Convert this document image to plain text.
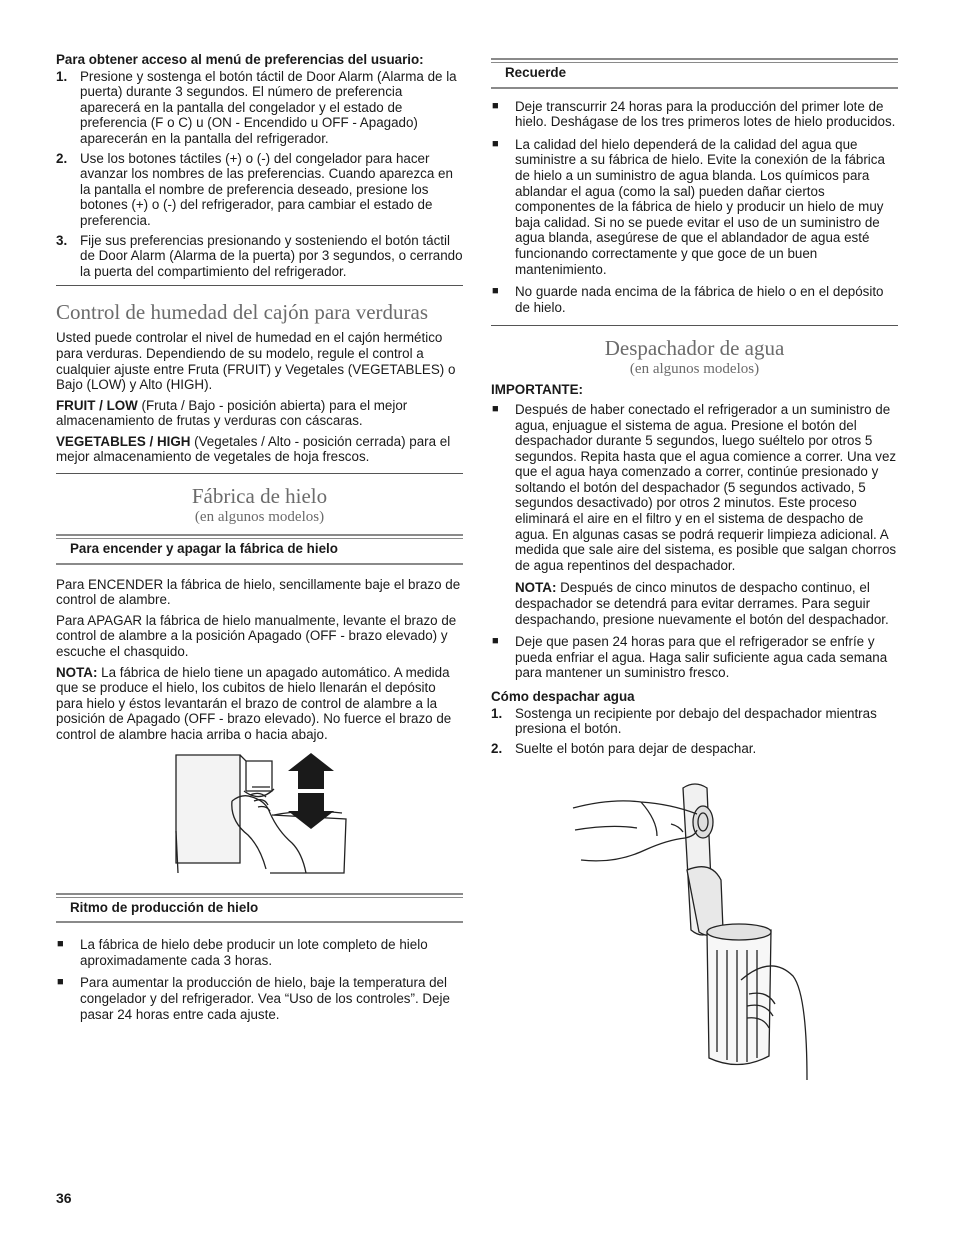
Para obtener acceso al menú de preferencias del usuario:
1. Presione y sostenga el botón táctil de Door Alarm (Alarma de la puerta) durante 3 segundos. El número de preferencia aparecerá en la pantalla del congelador y el estado de preferencia (F o C) u (ON - Encendido u OFF - Apagado) aparecerán en la pantalla del refrigerador.
2. Use los botones táctiles (+) o (-) del congelador para hacer avanzar los nombres de las preferencias. Cuando aparezca en la pantalla el nombre de preferencia deseado, presione los botones (+) o (-) del refrigerador, para cambiar el estado de preferencia.
3. Fije sus preferencias presionando y sosteniendo el botón táctil de Door Alarm (Alarma de la puerta) por 3 segundos, o cerrando la puerta del compartimiento del refrigerador.
Control de humedad del cajón para verduras

Usted puede controlar el nivel de humedad en el cajón hermético para verduras. Dependiendo de su modelo, regule el control a cualquier ajuste entre Fruta (FRUIT) y Vegetales (VEGETABLES) o Bajo (LOW) y Alto (HIGH).

FRUIT / LOW (Fruta / Bajo - posición abierta) para el mejor almacenamiento de frutas y verduras con cáscaras.

VEGETABLES / HIGH (Vegetales / Alto - posición cerrada) para el mejor almacenamiento de vegetales de hoja frescos.

Fábrica de hielo
(en algunos modelos)
Para encender y apagar la fábrica de hielo

Para ENCENDER la fábrica de hielo, sencillamente baje el brazo de control de alambre.

Para APAGAR la fábrica de hielo manualmente, levante el brazo de control de alambre a la posición Apagado (OFF - brazo elevado) y escuche el chasquido.

NOTA: La fábrica de hielo tiene un apagado automático. A medida que se produce el hielo, los cubitos de hielo llenarán el depósito para hielo y éstos levantarán el brazo de control de alambre a la posición de Apagado (OFF - brazo elevado). No fuerce el brazo de control de alambre hacia arriba o hacia abajo.

Ritmo de producción de hielo
■ La fábrica de hielo debe producir un lote completo de hielo aproximadamente cada 3 horas.
■ Para aumentar la producción de hielo, baje la temperatura del congelador y del refrigerador. Vea “Uso de los controles”. Deje pasar 24 horas entre cada ajuste.
Recuerde
■ Deje transcurrir 24 horas para la producción del primer lote de hielo. Deshágase de los tres primeros lotes de hielo producidos.
■ La calidad del hielo dependerá de la calidad del agua que suministre a su fábrica de hielo. Evite la conexión de la fábrica de hielo a un suministro de agua blanda. Los químicos para ablandar el agua (como la sal) pueden dañar ciertos componentes de la fábrica de hielo y producir un hielo de muy baja calidad. Si no se puede evitar el uso de un suministro de agua blanda, asegúrese de que el ablandador de agua esté funcionando correctamente y que goce de un buen mantenimiento.
■ No guarde nada encima de la fábrica de hielo o en el depósito de hielo.
Despachador de agua
(en algunos modelos)
IMPORTANTE:
■ Después de haber conectado el refrigerador a un suministro de agua, enjuague el sistema de agua. Presione el botón del despachador durante 5 segundos, luego suéltelo por otros 5 segundos. Repita hasta que el agua comience a correr. Una vez que el agua haya comenzado a correr, continúe presionado y soltando el botón del despachador (5 segundos activado, 5 segundos desactivado) por otros 2 minutos. Este proceso eliminará el aire en el filtro y en el sistema de despacho de agua. En algunas casas se podrá requerir limpieza adicional. A medida que sale aire del sistema, es posible que salgan chorros de agua repentinos del despachador.
NOTA: Después de cinco minutos de despacho continuo, el despachador se detendrá para evitar derrames. Para seguir despachando, presione nuevamente el botón del despachador.
■ Deje que pasen 24 horas para que el refrigerador se enfríe y pueda enfriar el agua. Haga salir suficiente agua cada semana para mantener un suministro fresco.
Cómo despachar agua
1. Sostenga un recipiente por debajo del despachador mientras presiona el botón.
2. Suelte el botón para dejar de despachar.
36
